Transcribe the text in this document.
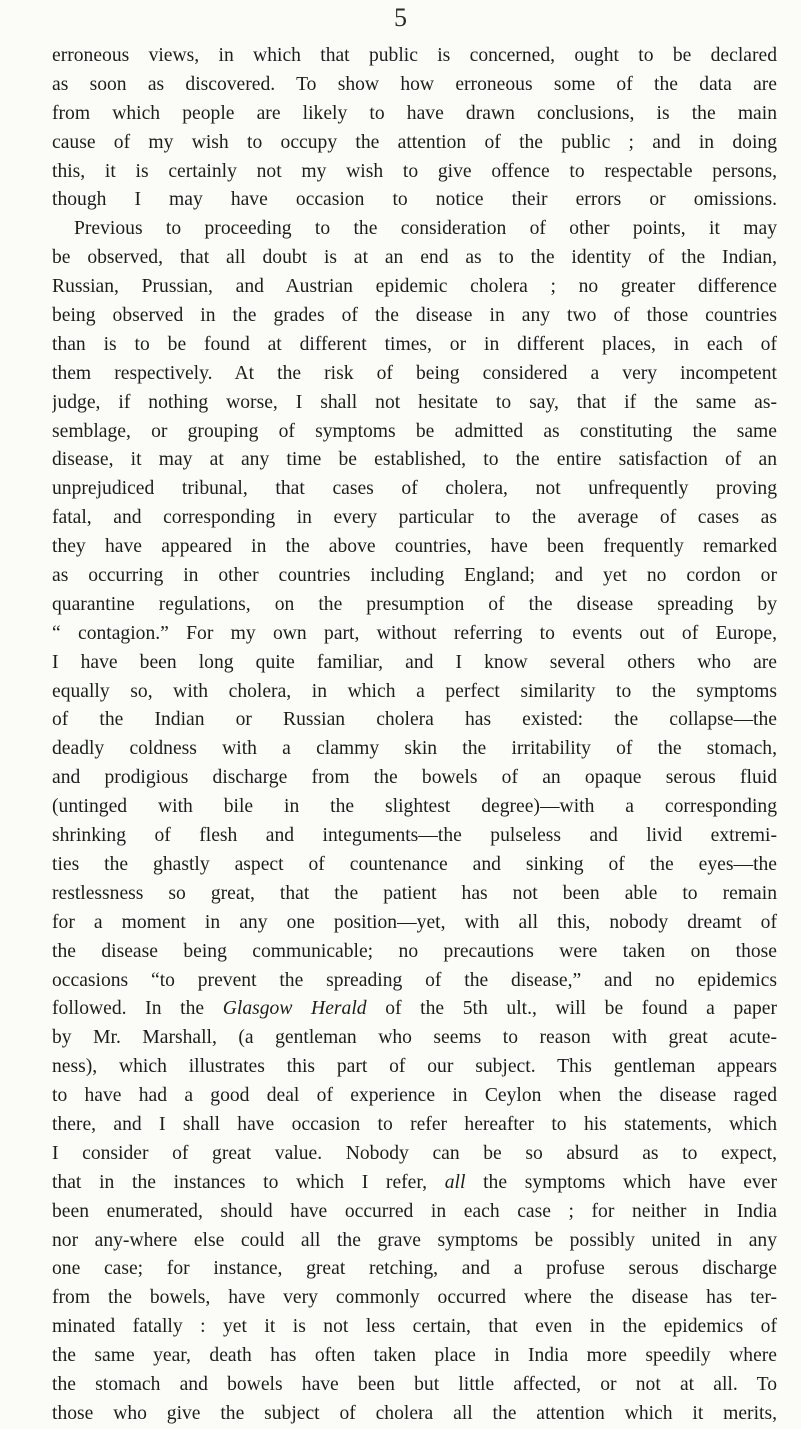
5
erroneous views, in which that public is concerned, ought to be declared
as soon as discovered. To show how erroneous some of the data are
from which people are likely to have drawn conclusions, is the main
cause of my wish to occupy the attention of the public ; and in doing
this, it is certainly not my wish to give offence to respectable persons,
though I may have occasion to notice their errors or omissions.
Previous to proceeding to the consideration of other points, it may
be observed, that all doubt is at an end as to the identity of the Indian,
Russian, Prussian, and Austrian epidemic cholera ; no greater difference
being observed in the grades of the disease in any two of those countries
than is to be found at different times, or in different places, in each of
them respectively. At the risk of being considered a very incompetent
judge, if nothing worse, I shall not hesitate to say, that if the same as-
semblage, or grouping of symptoms be admitted as constituting the same
disease, it may at any time be established, to the entire satisfaction of an
unprejudiced tribunal, that cases of cholera, not unfrequently proving
fatal, and corresponding in every particular to the average of cases as
they have appeared in the above countries, have been frequently remarked
as occurring in other countries including England; and yet no cordon or
quarantine regulations, on the presumption of the disease spreading by
“ contagion.” For my own part, without referring to events out of Europe,
I have been long quite familiar, and I know several others who are
equally so, with cholera, in which a perfect similarity to the symptoms
of the Indian or Russian cholera has existed: the collapse—the
deadly coldness with a clammy skin the irritability of the stomach,
and prodigious discharge from the bowels of an opaque serous fluid
(untinged with bile in the slightest degree)—with a corresponding
shrinking of flesh and integuments—the pulseless and livid extremi-
ties the ghastly aspect of countenance and sinking of the eyes—the
restlessness so great, that the patient has not been able to remain
for a moment in any one position—yet, with all this, nobody dreamt of
the disease being communicable; no precautions were taken on those
occasions “to prevent the spreading of the disease,” and no epidemics
followed. In the Glasgow Herald of the 5th ult., will be found a paper
by Mr. Marshall, (a gentleman who seems to reason with great acute-
ness), which illustrates this part of our subject. This gentleman appears
to have had a good deal of experience in Ceylon when the disease raged
there, and I shall have occasion to refer hereafter to his statements, which
I consider of great value. Nobody can be so absurd as to expect,
that in the instances to which I refer, all the symptoms which have ever
been enumerated, should have occurred in each case ; for neither in India
nor any-where else could all the grave symptoms be possibly united in any
one case; for instance, great retching, and a profuse serous discharge
from the bowels, have very commonly occurred where the disease has ter-
minated fatally : yet it is not less certain, that even in the epidemics of
the same year, death has often taken place in India more speedily where
the stomach and bowels have been but little affected, or not at all. To
those who give the subject of cholera all the attention which it merits,
